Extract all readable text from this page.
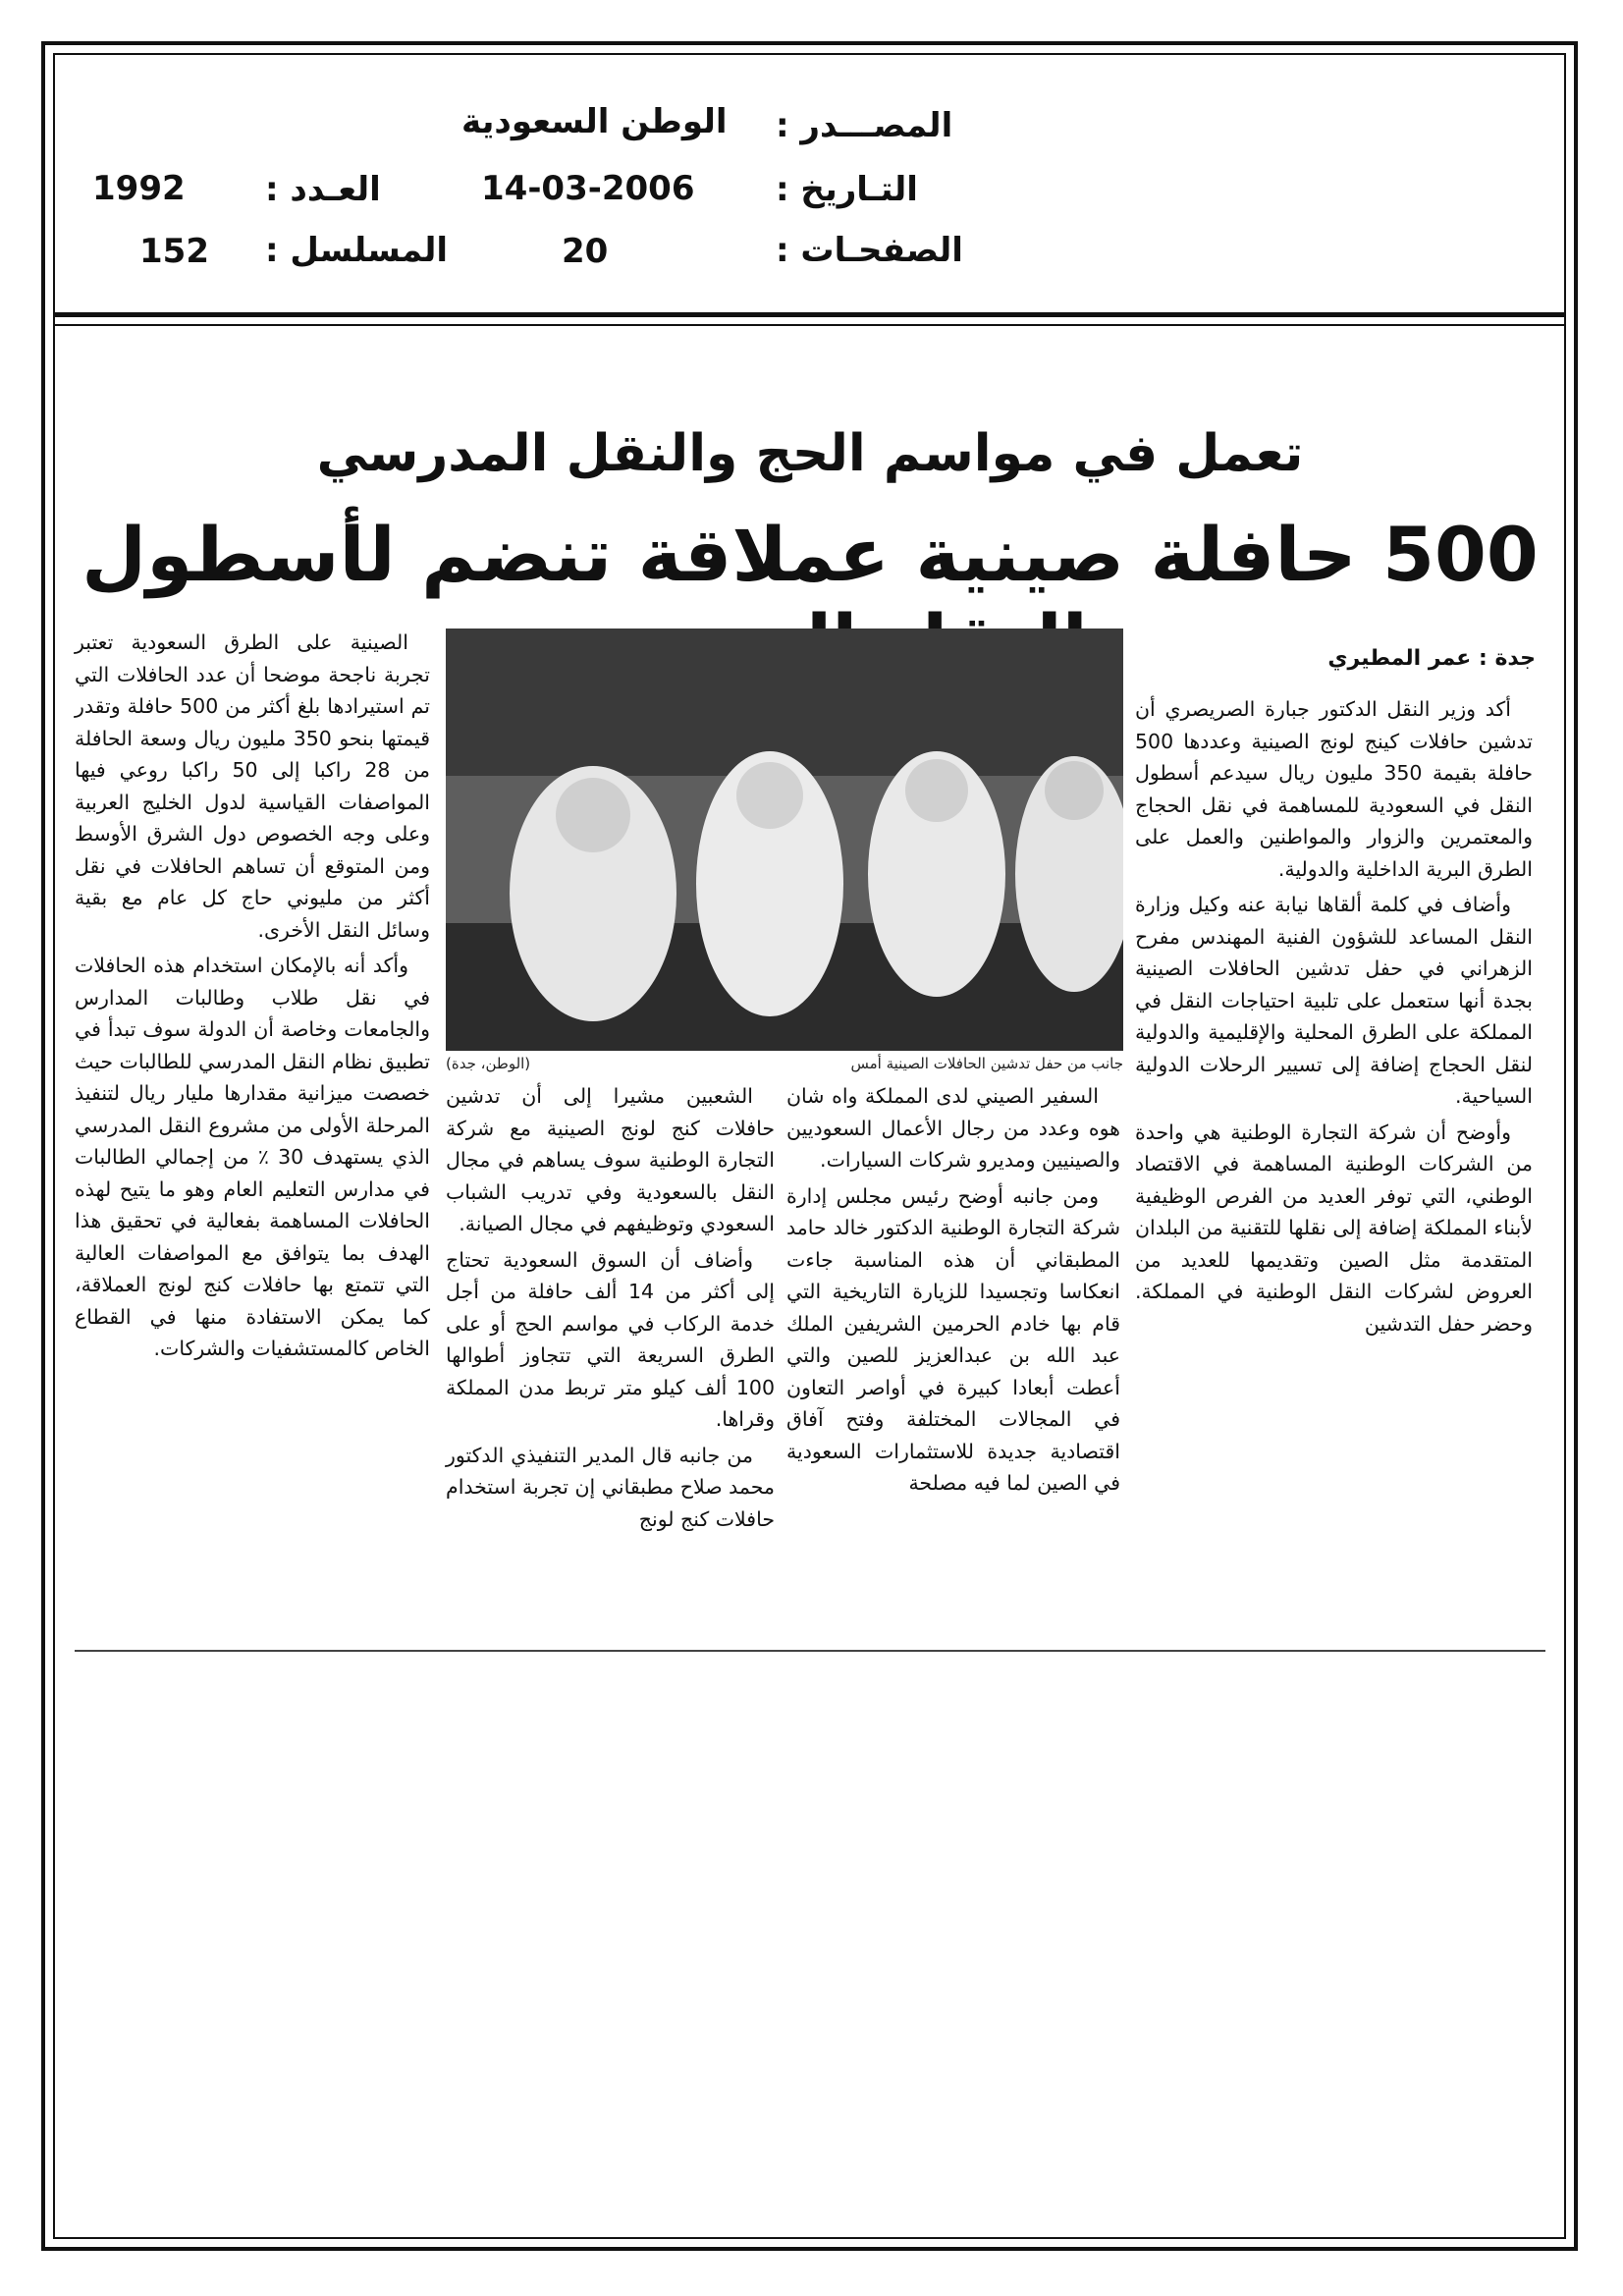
المصـــدر :
الوطن السعودية
التـاريخ :
14-03-2006
الصفحـات :
20
العـدد :
1992
المسلسل :
152
تعمل في مواسم الحج والنقل المدرسي
500 حافلة صينية عملاقة تنضم لأسطول
جدة : عمر المطيري

أكد وزير النقل الدكتور جبارة الصريصري أن تدشين حافلات كينج لونج الصينية وعددها 500 حافلة بقيمة 350 مليون ريال سيدعم أسطول النقل في السعودية للمساهمة في نقل الحجاج والمعتمرين والزوار والمواطنين والعمل على الطرق البرية الداخلية والدولية.

وأضاف في كلمة ألقاها نيابة عنه وكيل وزارة النقل المساعد للشؤون الفنية المهندس مفرح الزهراني في حفل تدشين الحافلات الصينية بجدة أنها ستعمل على تلبية احتياجات النقل في المملكة على الطرق المحلية والإقليمية والدولية لنقل الحجاج إضافة إلى تسيير الرحلات الدولية السياحية.

وأوضح أن شركة التجارة الوطنية هي واحدة من الشركات الوطنية المساهمة في الاقتصاد الوطني، التي توفر العديد من الفرص الوظيفية لأبناء المملكة إضافة إلى نقلها للتقنية من البلدان المتقدمة مثل الصين وتقديمها للعديد من العروض لشركات النقل الوطنية في المملكة. وحضر حفل التدشين

جانب من حفل تدشين الحافلات الصينية أمس
(الوطن، جدة)

السفير الصيني لدى المملكة واه شان هوه وعدد من رجال الأعمال السعوديين والصينيين ومديرو شركات السيارات.

ومن جانبه أوضح رئيس مجلس إدارة شركة التجارة الوطنية الدكتور خالد حامد المطبقاني أن هذه المناسبة جاءت انعكاسا وتجسيدا للزيارة التاريخية التي قام بها خادم الحرمين الشريفين الملك عبد الله بن عبدالعزيز للصين والتي أعطت أبعادا كبيرة في أواصر التعاون في المجالات المختلفة وفتح آفاق اقتصادية جديدة للاستثمارات السعودية في الصين لما فيه مصلحة

الشعبين مشيرا إلى أن تدشين حافلات كنج لونج الصينية مع شركة التجارة الوطنية سوف يساهم في مجال النقل بالسعودية وفي تدريب الشباب السعودي وتوظيفهم في مجال الصيانة.

وأضاف أن السوق السعودية تحتاج إلى أكثر من 14 ألف حافلة من أجل خدمة الركاب في مواسم الحج أو على الطرق السريعة التي تتجاوز أطوالها 100 ألف كيلو متر تربط مدن المملكة وقراها.

من جانبه قال المدير التنفيذي الدكتور محمد صلاح مطبقاني إن تجربة استخدام حافلات كنج لونج

الصينية على الطرق السعودية تعتبر تجربة ناجحة موضحا أن عدد الحافلات التي تم استيرادها بلغ أكثر من 500 حافلة وتقدر قيمتها بنحو 350 مليون ريال وسعة الحافلة من 28 راكبا إلى 50 راكبا روعي فيها المواصفات القياسية لدول الخليج العربية وعلى وجه الخصوص دول الشرق الأوسط ومن المتوقع أن تساهم الحافلات في نقل أكثر من مليوني حاج كل عام مع بقية وسائل النقل الأخرى.

وأكد أنه بالإمكان استخدام هذه الحافلات في نقل طلاب وطالبات المدارس والجامعات وخاصة أن الدولة سوف تبدأ في تطبيق نظام النقل المدرسي للطالبات حيث خصصت ميزانية مقدارها مليار ريال لتنفيذ المرحلة الأولى من مشروع النقل المدرسي الذي يستهدف 30 ٪ من إجمالي الطالبات في مدارس التعليم العام وهو ما يتيح لهذه الحافلات المساهمة بفعالية في تحقيق هذا الهدف بما يتوافق مع المواصفات العالية التي تتمتع بها حافلات كنج لونج العملاقة، كما يمكن الاستفادة منها في القطاع الخاص كالمستشفيات والشركات.
